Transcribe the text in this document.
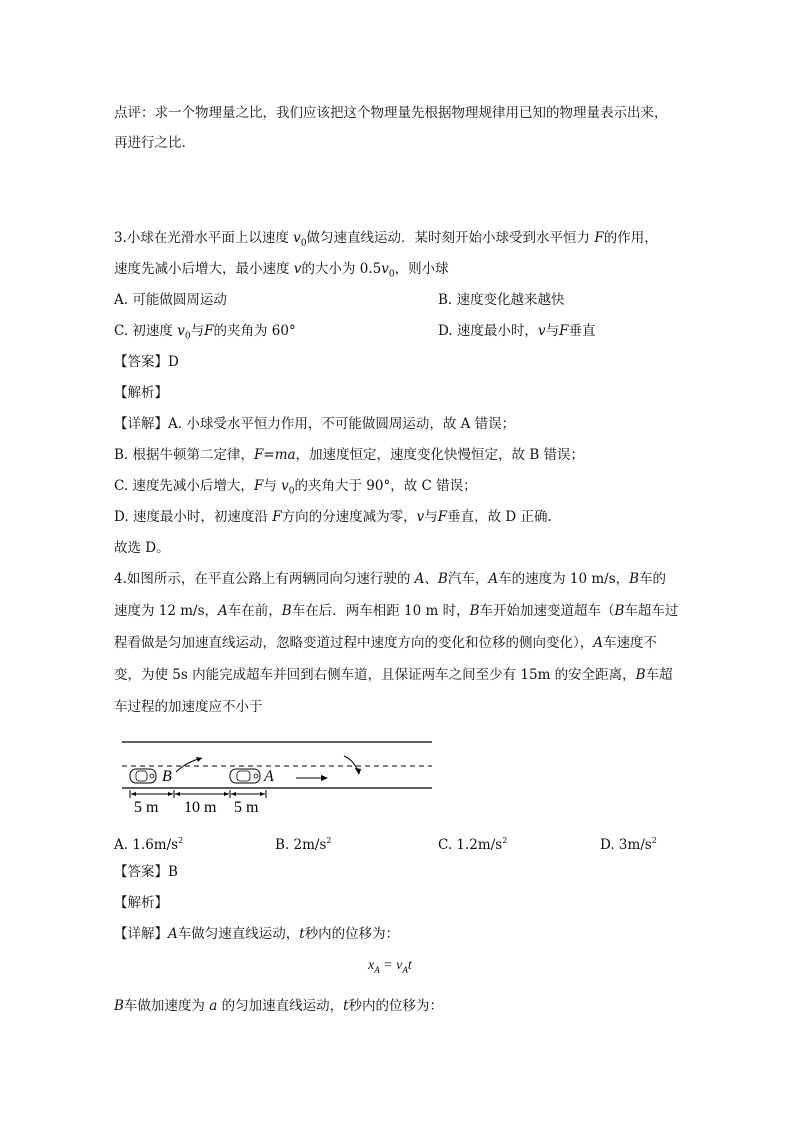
点评：求一个物理量之比，我们应该把这个物理量先根据物理规律用已知的物理量表示出来，
再进行之比.
3.小球在光滑水平面上以速度 $v_0$做匀速直线运动．某时刻开始小球受到水平恒力 F的作用，
速度先减小后增大，最小速度 v的大小为 $0.5v_0$，则小球
A. 可能做圆周运动	B. 速度变化越来越快
C. 初速度 $v_0$与F的夹角为 60°	D. 速度最小时，v与F垂直
【答案】D
【解析】
【详解】A. 小球受水平恒力作用，不可能做圆周运动，故 A 错误；
B. 根据牛顿第二定律，F=ma，加速度恒定，速度变化快慢恒定，故 B 错误；
C. 速度先减小后增大，F与 $v_0$的夹角大于 90°，故 C 错误；
D. 速度最小时，初速度沿 F方向的分速度减为零，v与F垂直，故 D 正确.
故选 D。
4.如图所示，在平直公路上有两辆同向匀速行驶的 A、B汽车，A车的速度为 10 m/s，B车的
速度为 12 m/s，A车在前，B车在后．两车相距 10 m 时，B车开始加速变道超车（B车超车过
程看做是匀加速直线运动，忽略变道过程中速度方向的变化和位移的侧向变化），A车速度不
变，为使 5s 内能完成超车并回到右侧车道，且保证两车之间至少有 15m 的安全距离，B车超
车过程的加速度应不小于
B	A
5 m 10 m 5 m
A. $1.6m/s^2$	B. $2m/s^2$	C. $1.2m/s^2$	D. $3m/s^2$
【答案】B
【解析】
【详解】A车做匀速直线运动，t秒内的位移为：
$x_A = v_At$
B车做加速度为 a 的匀加速直线运动，t秒内的位移为：
